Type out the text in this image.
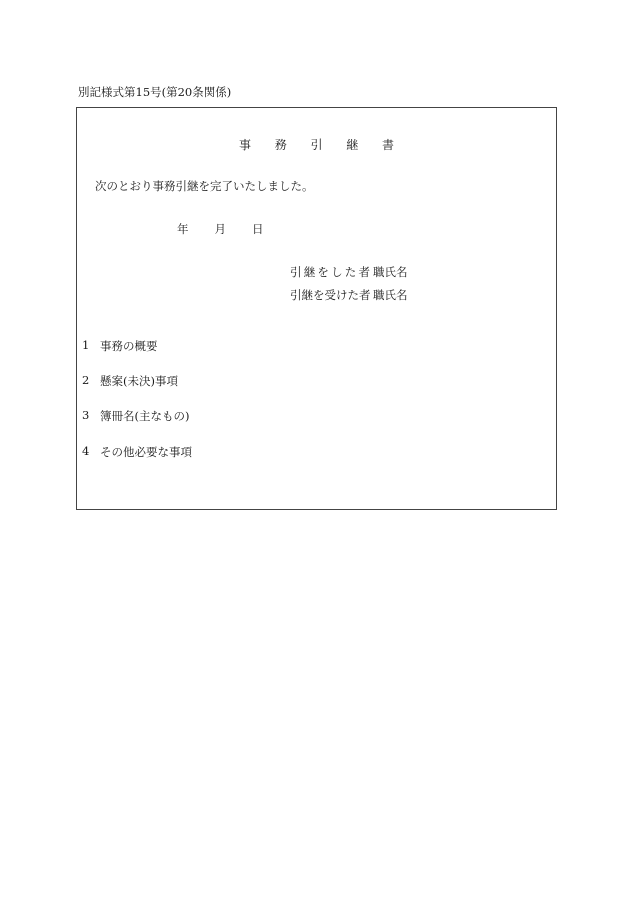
別記様式第15号(第20条関係)
事 務 引 継 書
次のとおり事務引継を完了いたしました。
年 月 日
引継をした者 職氏名
引継を受けた者 職氏名
1 事務の概要
2 懸案(未決)事項
3 簿冊名(主なもの)
4 その他必要な事項
